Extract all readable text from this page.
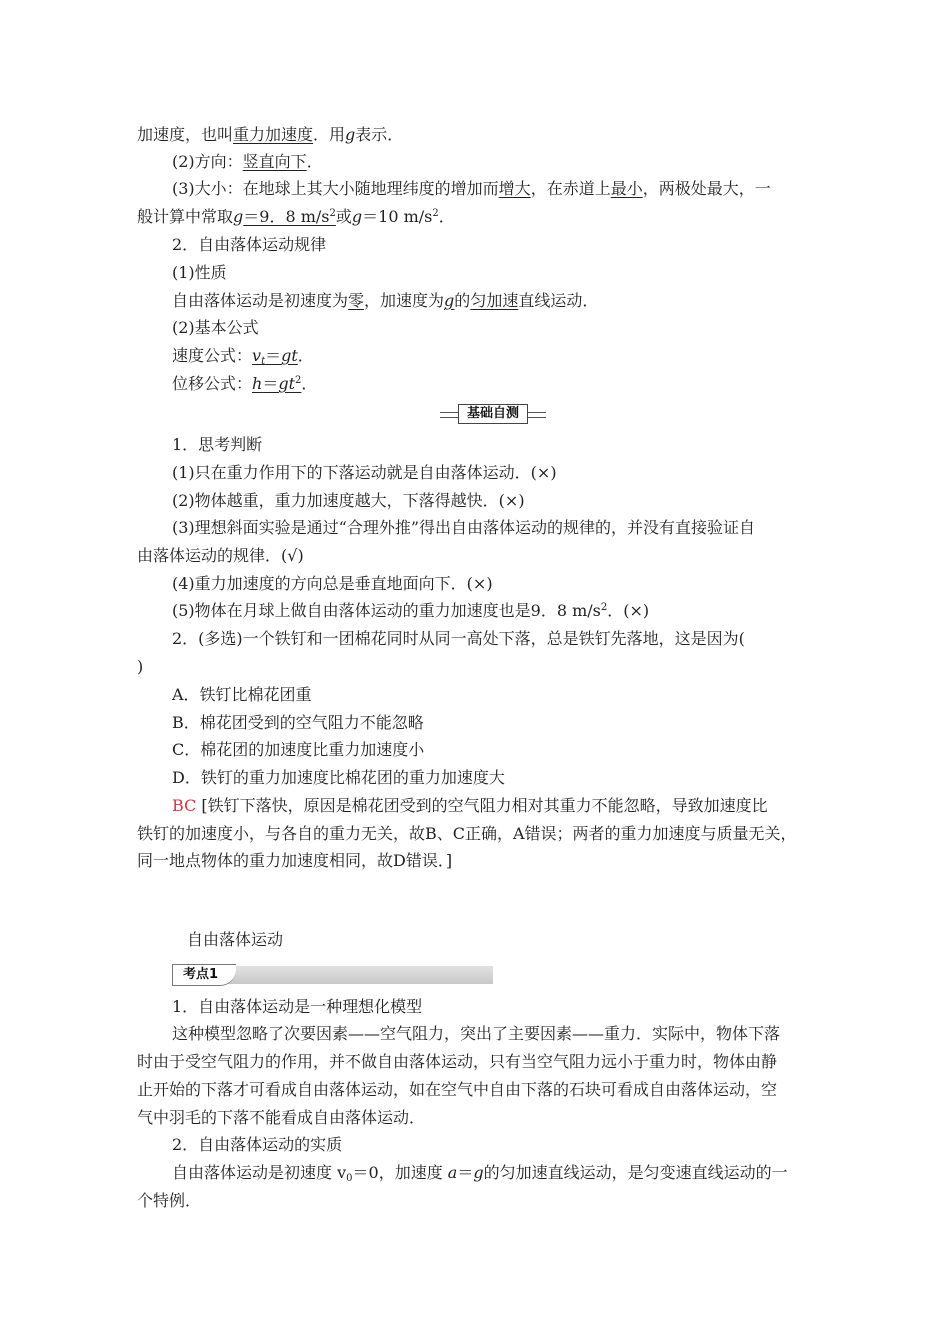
加速度，也叫重力加速度．用g表示．
(2)方向：竖直向下．
(3)大小：在地球上其大小随地理纬度的增加而增大，在赤道上最小，两极处最大，一
般计算中常取g＝9．8 $m/s^2$或g＝10 $m/s^2$．
2．自由落体运动规律
(1)性质
自由落体运动是初速度为零，加速度为g的匀加速直线运动．
(2)基本公式
速度公式：$v_t=gt$．
位移公式：$h=gt^2$．
基础自测
1．思考判断
(1)只在重力作用下的下落运动就是自由落体运动．(×)
(2)物体越重，重力加速度越大，下落得越快．(×)
(3)理想斜面实验是通过“合理外推”得出自由落体运动的规律的，并没有直接验证自
由落体运动的规律．(√)
(4)重力加速度的方向总是垂直地面向下．(×)
(5)物体在月球上做自由落体运动的重力加速度也是9．8 $m/s^2$．(×)
2．(多选)一个铁钉和一团棉花同时从同一高处下落，总是铁钉先落地，这是因为(
)
A．铁钉比棉花团重
B．棉花团受到的空气阻力不能忽略
C．棉花团的加速度比重力加速度小
D．铁钉的重力加速度比棉花团的重力加速度大
BC [铁钉下落快，原因是棉花团受到的空气阻力相对其重力不能忽略，导致加速度比
铁钉的加速度小，与各自的重力无关，故B、C正确，A错误；两者的重力加速度与质量无关，
同一地点物体的重力加速度相同，故D错误．]
自由落体运动
考点1
1．自由落体运动是一种理想化模型
这种模型忽略了次要因素——空气阻力，突出了主要因素——重力．实际中，物体下落
时由于受空气阻力的作用，并不做自由落体运动，只有当空气阻力远小于重力时，物体由静
止开始的下落才可看成自由落体运动，如在空气中自由下落的石块可看成自由落体运动，空
气中羽毛的下落不能看成自由落体运动．
2．自由落体运动的实质
自由落体运动是初速度 $v_0=0$，加速度 a＝g的匀加速直线运动，是匀变速直线运动的一
个特例．
